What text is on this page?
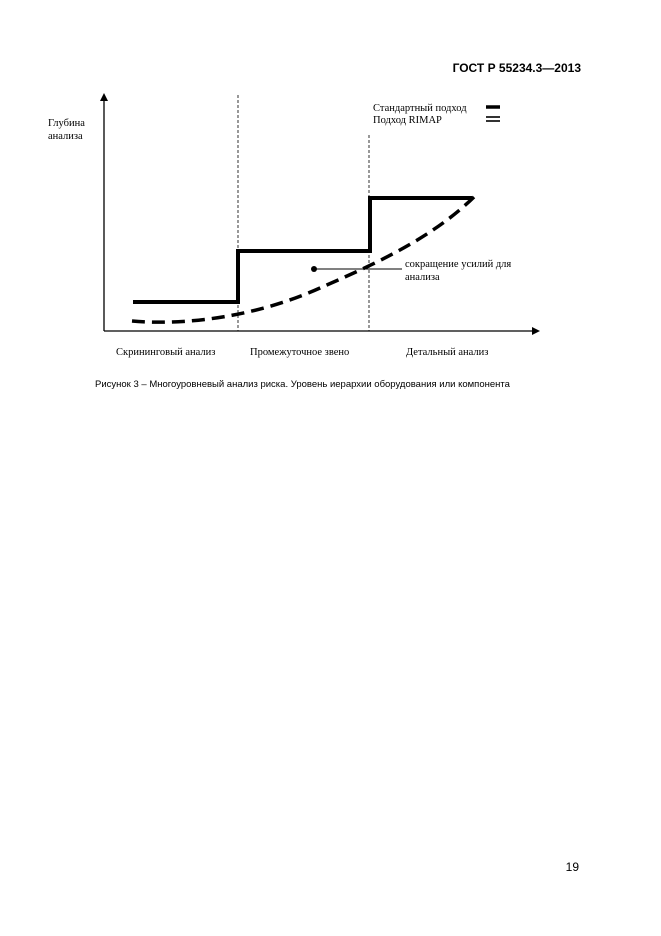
ГОСТ Р 55234.3—2013
Глубина
анализа
Стандартный подход
Подход RIMAP
сокращение усилий для
анализа
Скрининговый анализ	Промежуточное звено	Детальный анализ
Рисунок 3 – Многоуровневый анализ риска. Уровень иерархии оборудования или компонента
19
